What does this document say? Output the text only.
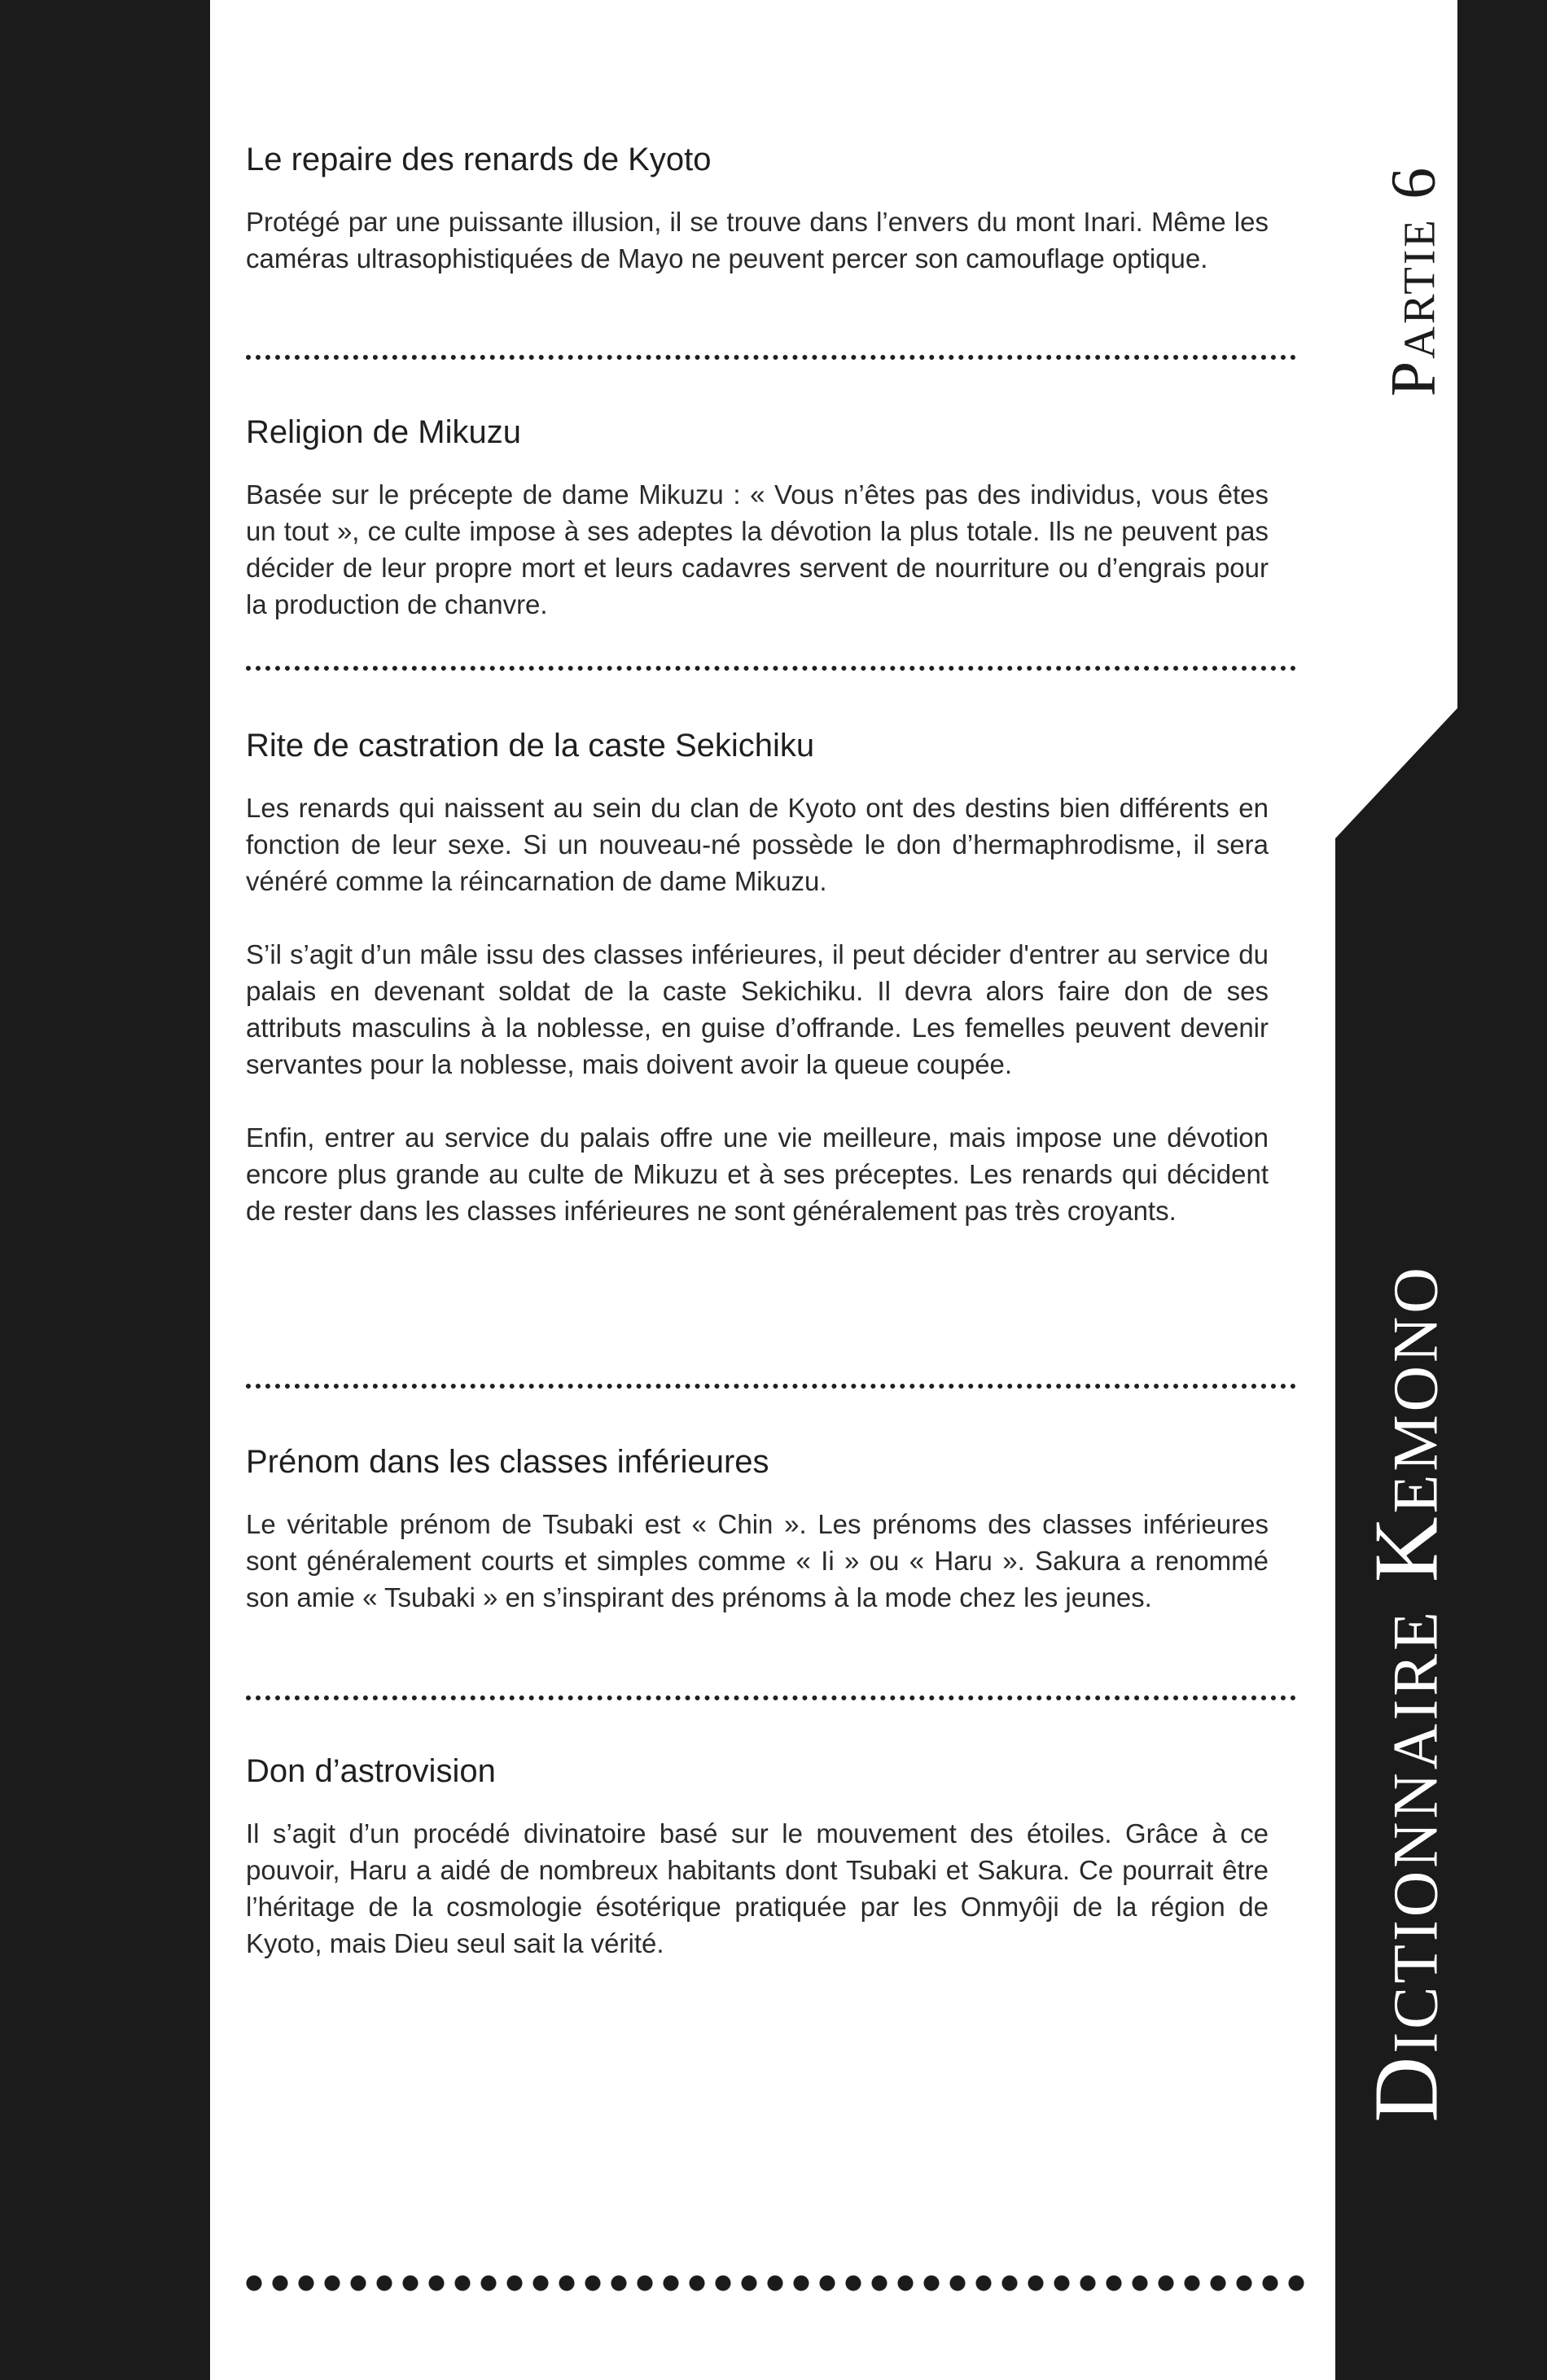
Partie 6
Dictionnaire Kemono
Le repaire des renards de Kyoto

Protégé par une puissante illusion, il se trouve dans l’envers du mont Inari. Même les caméras ultrasophistiquées de Mayo ne peuvent percer son camouflage optique.

Religion de Mikuzu

Basée sur le précepte de dame Mikuzu : « Vous n’êtes pas des individus, vous êtes un tout », ce culte impose à ses adeptes la dévotion la plus totale. Ils ne peuvent pas décider de leur propre mort et leurs cadavres servent de nourriture ou d’engrais pour la production de chanvre.

Rite de castration de la caste Sekichiku

Les renards qui naissent au sein du clan de Kyoto ont des destins bien différents en fonction de leur sexe. Si un nouveau-né possède le don d’hermaphrodisme, il sera vénéré comme la réincarnation de dame Mikuzu.

S’il s’agit d’un mâle issu des classes inférieures, il peut décider d'entrer au service du palais en devenant soldat de la caste Sekichiku. Il devra alors faire don de ses attributs masculins à la noblesse, en guise d’offrande. Les femelles peuvent devenir servantes pour la noblesse, mais doivent avoir la queue coupée.

Enfin, entrer au service du palais offre une vie meilleure, mais impose une dévotion encore plus grande au culte de Mikuzu et à ses préceptes. Les renards qui décident de rester dans les classes inférieures ne sont généralement pas très croyants.

Prénom dans les classes inférieures

Le véritable prénom de Tsubaki est « Chin ». Les prénoms des classes inférieures sont généralement courts et simples comme « Ii » ou « Haru ». Sakura a renommé son amie « Tsubaki » en s’inspirant des prénoms à la mode chez les jeunes.

Don d’astrovision

Il s’agit d’un procédé divinatoire basé sur le mouvement des étoiles. Grâce à ce pouvoir, Haru a aidé de nombreux habitants dont Tsubaki et Sakura. Ce pourrait être l’héritage de la cosmologie ésotérique pratiquée par les Onmyôji de la région de Kyoto, mais Dieu seul sait la vérité.
